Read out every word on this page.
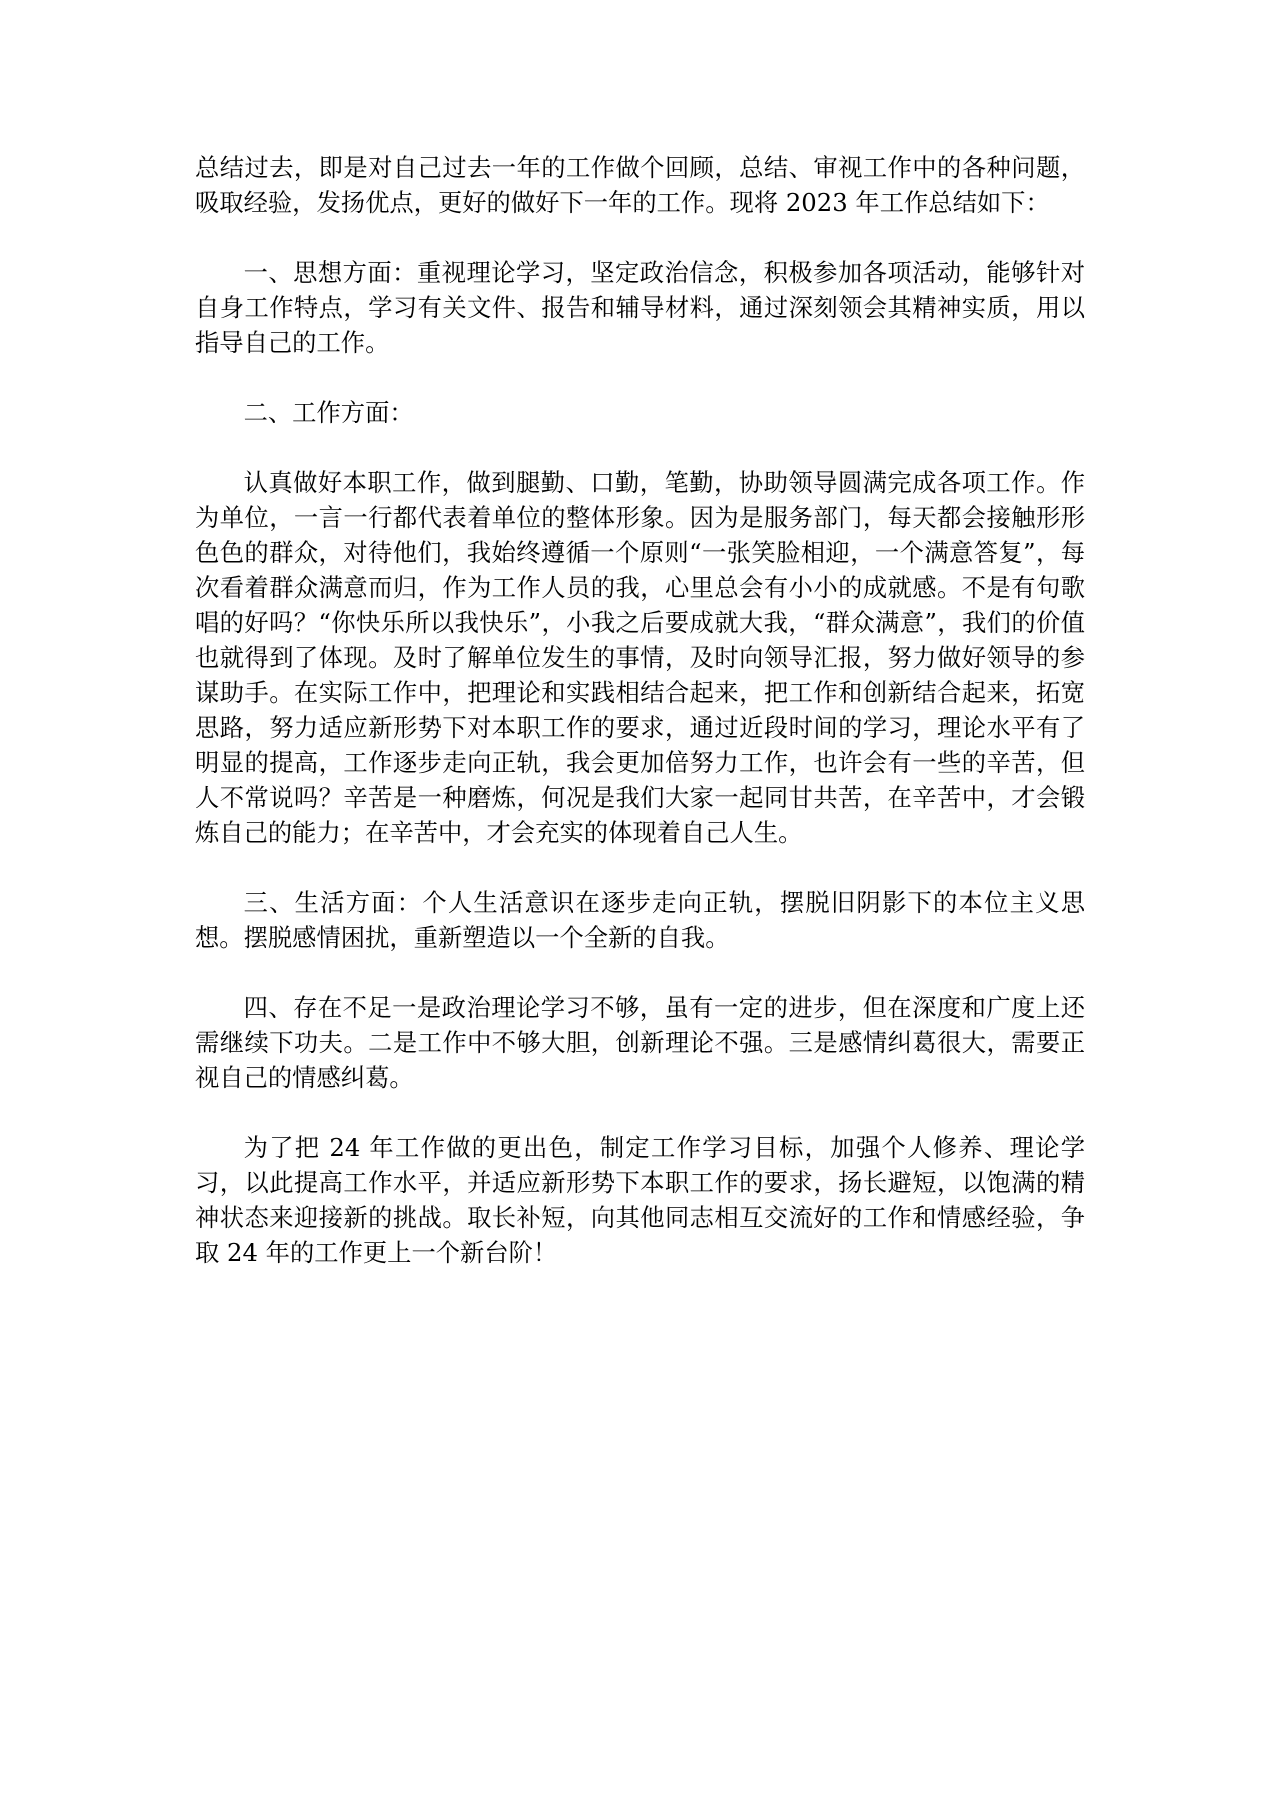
总结过去，即是对自己过去一年的工作做个回顾，总结、审视工作中的各种问题，吸取经验，发扬优点，更好的做好下一年的工作。现将 2023 年工作总结如下：

一、思想方面：重视理论学习，坚定政治信念，积极参加各项活动，能够针对自身工作特点，学习有关文件、报告和辅导材料，通过深刻领会其精神实质，用以指导自己的工作。

二、工作方面：

认真做好本职工作，做到腿勤、口勤，笔勤，协助领导圆满完成各项工作。作为单位，一言一行都代表着单位的整体形象。因为是服务部门，每天都会接触形形色色的群众，对待他们，我始终遵循一个原则“一张笑脸相迎，一个满意答复”，每次看着群众满意而归，作为工作人员的我，心里总会有小小的成就感。不是有句歌唱的好吗？“你快乐所以我快乐”，小我之后要成就大我，“群众满意”，我们的价值也就得到了体现。及时了解单位发生的事情，及时向领导汇报，努力做好领导的参谋助手。在实际工作中，把理论和实践相结合起来，把工作和创新结合起来，拓宽思路，努力适应新形势下对本职工作的要求，通过近段时间的学习，理论水平有了明显的提高，工作逐步走向正轨，我会更加倍努力工作，也许会有一些的辛苦，但人不常说吗？辛苦是一种磨炼，何况是我们大家一起同甘共苦，在辛苦中，才会锻炼自己的能力；在辛苦中，才会充实的体现着自己人生。

三、生活方面：个人生活意识在逐步走向正轨，摆脱旧阴影下的本位主义思想。摆脱感情困扰，重新塑造以一个全新的自我。

四、存在不足一是政治理论学习不够，虽有一定的进步，但在深度和广度上还需继续下功夫。二是工作中不够大胆，创新理论不强。三是感情纠葛很大，需要正视自己的情感纠葛。

为了把 24 年工作做的更出色，制定工作学习目标，加强个人修养、理论学习，以此提高工作水平，并适应新形势下本职工作的要求，扬长避短，以饱满的精神状态来迎接新的挑战。取长补短，向其他同志相互交流好的工作和情感经验，争取 24 年的工作更上一个新台阶！
